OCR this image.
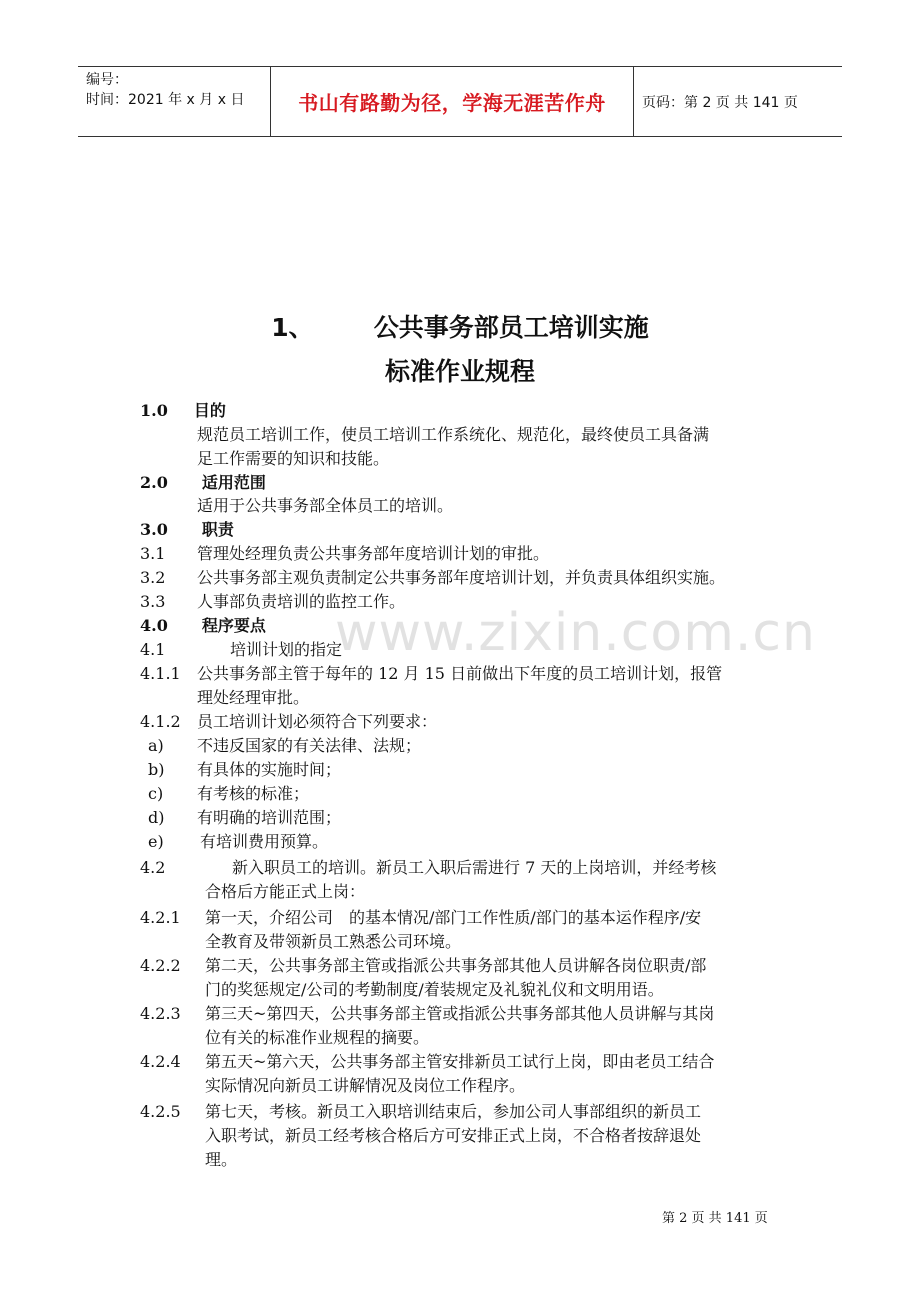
编号：
时间：2021 年 x 月 x 日	书山有路勤为径，学海无涯苦作舟	页码：第 2 页 共 141 页
www.zixin.com.cn
1、 公共事务部员工培训实施
标准作业规程
1.0 目的
规范员工培训工作，使员工培训工作系统化、规范化，最终使员工具备满
足工作需要的知识和技能。
2.0 适用范围
适用于公共事务部全体员工的培训。
3.0 职责
3.1 管理处经理负责公共事务部年度培训计划的审批。
3.2 公共事务部主观负责制定公共事务部年度培训计划，并负责具体组织实施。
3.3 人事部负责培训的监控工作。
4.0 程序要点
4.1	培训计划的指定
4.1.1 公共事务部主管于每年的 12 月 15 日前做出下年度的员工培训计划，报管
理处经理审批。
4.1.2 员工培训计划必须符合下列要求：
a) 不违反国家的有关法律、法规；
b) 有具体的实施时间；
c) 有考核的标准；
d) 有明确的培训范围；
e) 有培训费用预算。
4.2	新入职员工的培训。新员工入职后需进行 7 天的上岗培训，并经考核
合格后方能正式上岗：
4.2.1 第一天，介绍公司　的基本情况/部门工作性质/部门的基本运作程序/安
全教育及带领新员工熟悉公司环境。
4.2.2 第二天，公共事务部主管或指派公共事务部其他人员讲解各岗位职责/部
门的奖惩规定/公司的考勤制度/着装规定及礼貌礼仪和文明用语。
4.2.3 第三天~第四天，公共事务部主管或指派公共事务部其他人员讲解与其岗
位有关的标准作业规程的摘要。
4.2.4 第五天~第六天，公共事务部主管安排新员工试行上岗，即由老员工结合
实际情况向新员工讲解情况及岗位工作程序。
4.2.5 第七天，考核。新员工入职培训结束后，参加公司人事部组织的新员工
入职考试，新员工经考核合格后方可安排正式上岗，不合格者按辞退处
理。
第 2 页 共 141 页
